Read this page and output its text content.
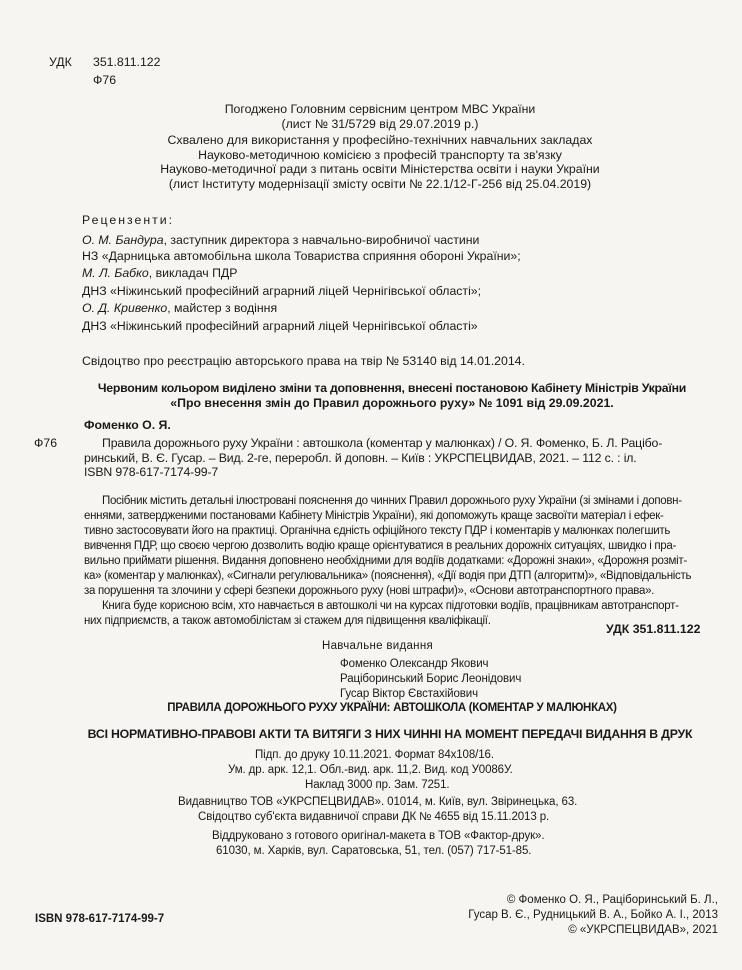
УДК 351.811.122
Ф76

Погоджено Головним сервісним центром МВС України

(лист № 31/5729 від 29.07.2019 р.)

Схвалено для використання у професійно-технічних навчальних закладах

Науково-методичною комісією з професій транспорту та зв'язку

Науково-методичної ради з питань освіти Міністерства освіти і науки України

(лист Інституту модернізації змісту освіти № 22.1/12-Г-256 від 25.04.2019)

Рецензенти:

О. М. Бандура, заступник директора з навчально-виробничої частини

НЗ «Дарницька автомобільна школа Товариства сприяння обороні України»;

М. Л. Бабко, викладач ПДР

ДНЗ «Ніжинський професійний аграрний ліцей Чернігівської області»;

О. Д. Кривенко, майстер з водіння

ДНЗ «Ніжинський професійний аграрний ліцей Чернігівської області»

Свідоцтво про реєстрацію авторського права на твір № 53140 від 14.01.2014.

Червоним кольором виділено зміни та доповнення, внесені постановою Кабінету Міністрів України

«Про внесення змін до Правил дорожнього руху» № 1091 від 29.09.2021.

Фоменко О. Я.
Ф76	Правила дорожнього руху України : автошкола (коментар у малюнках) / О. Я. Фоменко, Б. Л. Рацібо-

ринський, В. Є. Гусар. – Вид. 2-ге, переробл. й доповн. – Київ : УКРСПЕЦВИДАВ, 2021. – 112 с. : іл.

ISBN 978-617-7174-99-7

Посібник містить детальні ілюстровані пояснення до чинних Правил дорожнього руху України (зі змінами і доповн-

еннями, затвердженими постановами Кабінету Міністрів України), які допоможуть краще засвоїти матеріал і ефек-

тивно застосовувати його на практиці. Органічна єдність офіційного тексту ПДР і коментарів у малюнках полегшить

вивчення ПДР, що своєю чергою дозволить водію краще орієнтуватися в реальних дорожніх ситуаціях, швидко і пра-

вильно приймати рішення. Видання доповнено необхідними для водіїв додатками: «Дорожні знаки», «Дорожня розміт-

ка» (коментар у малюнках), «Сигнали регулювальника» (пояснення), «Дії водія при ДТП (алгоритм)», «Відповідальність

за порушення та злочини у сфері безпеки дорожнього руху (нові штрафи)», «Основи автотранспортного права».

Книга буде корисною всім, хто навчається в автошколі чи на курсах підготовки водіїв, працівникам автотранспорт-

них підприємств, а також автомобілістам зі стажем для підвищення кваліфікації.

УДК 351.811.122
Навчальне видання

Фоменко Олександр Якович

Раціборинський Борис Леонідович

Гусар Віктор Євстахійович

ПРАВИЛА ДОРОЖНЬОГО РУХУ УКРАЇНИ: АВТОШКОЛА (КОМЕНТАР У МАЛЮНКАХ)
ВСІ НОРМАТИВНО-ПРАВОВІ АКТИ ТА ВИТЯГИ З НИХ ЧИННІ НА МОМЕНТ ПЕРЕДАЧІ ВИДАННЯ В ДРУК

Підп. до друку 10.11.2021. Формат 84x108/16.

Ум. др. арк. 12,1. Обл.-вид. арк. 11,2. Вид. код У0086У.

Наклад 3000 пр. Зам. 7251.

Видавництво ТОВ «УКРСПЕЦВИДАВ». 01014, м. Київ, вул. Звіринецька, 63.

Свідоцтво суб'єкта видавничої справи ДК № 4655 від 15.11.2013 р.

Віддруковано з готового оригінал-макета в ТОВ «Фактор-друк».

61030, м. Харків, вул. Саратовська, 51, тел. (057) 717-51-85.

ISBN 978-617-7174-99-7

© Фоменко О. Я., Раціборинський Б. Л.,

Гусар В. Є., Рудницький В. А., Бойко А. І., 2013

© «УКРСПЕЦВИДАВ», 2021
